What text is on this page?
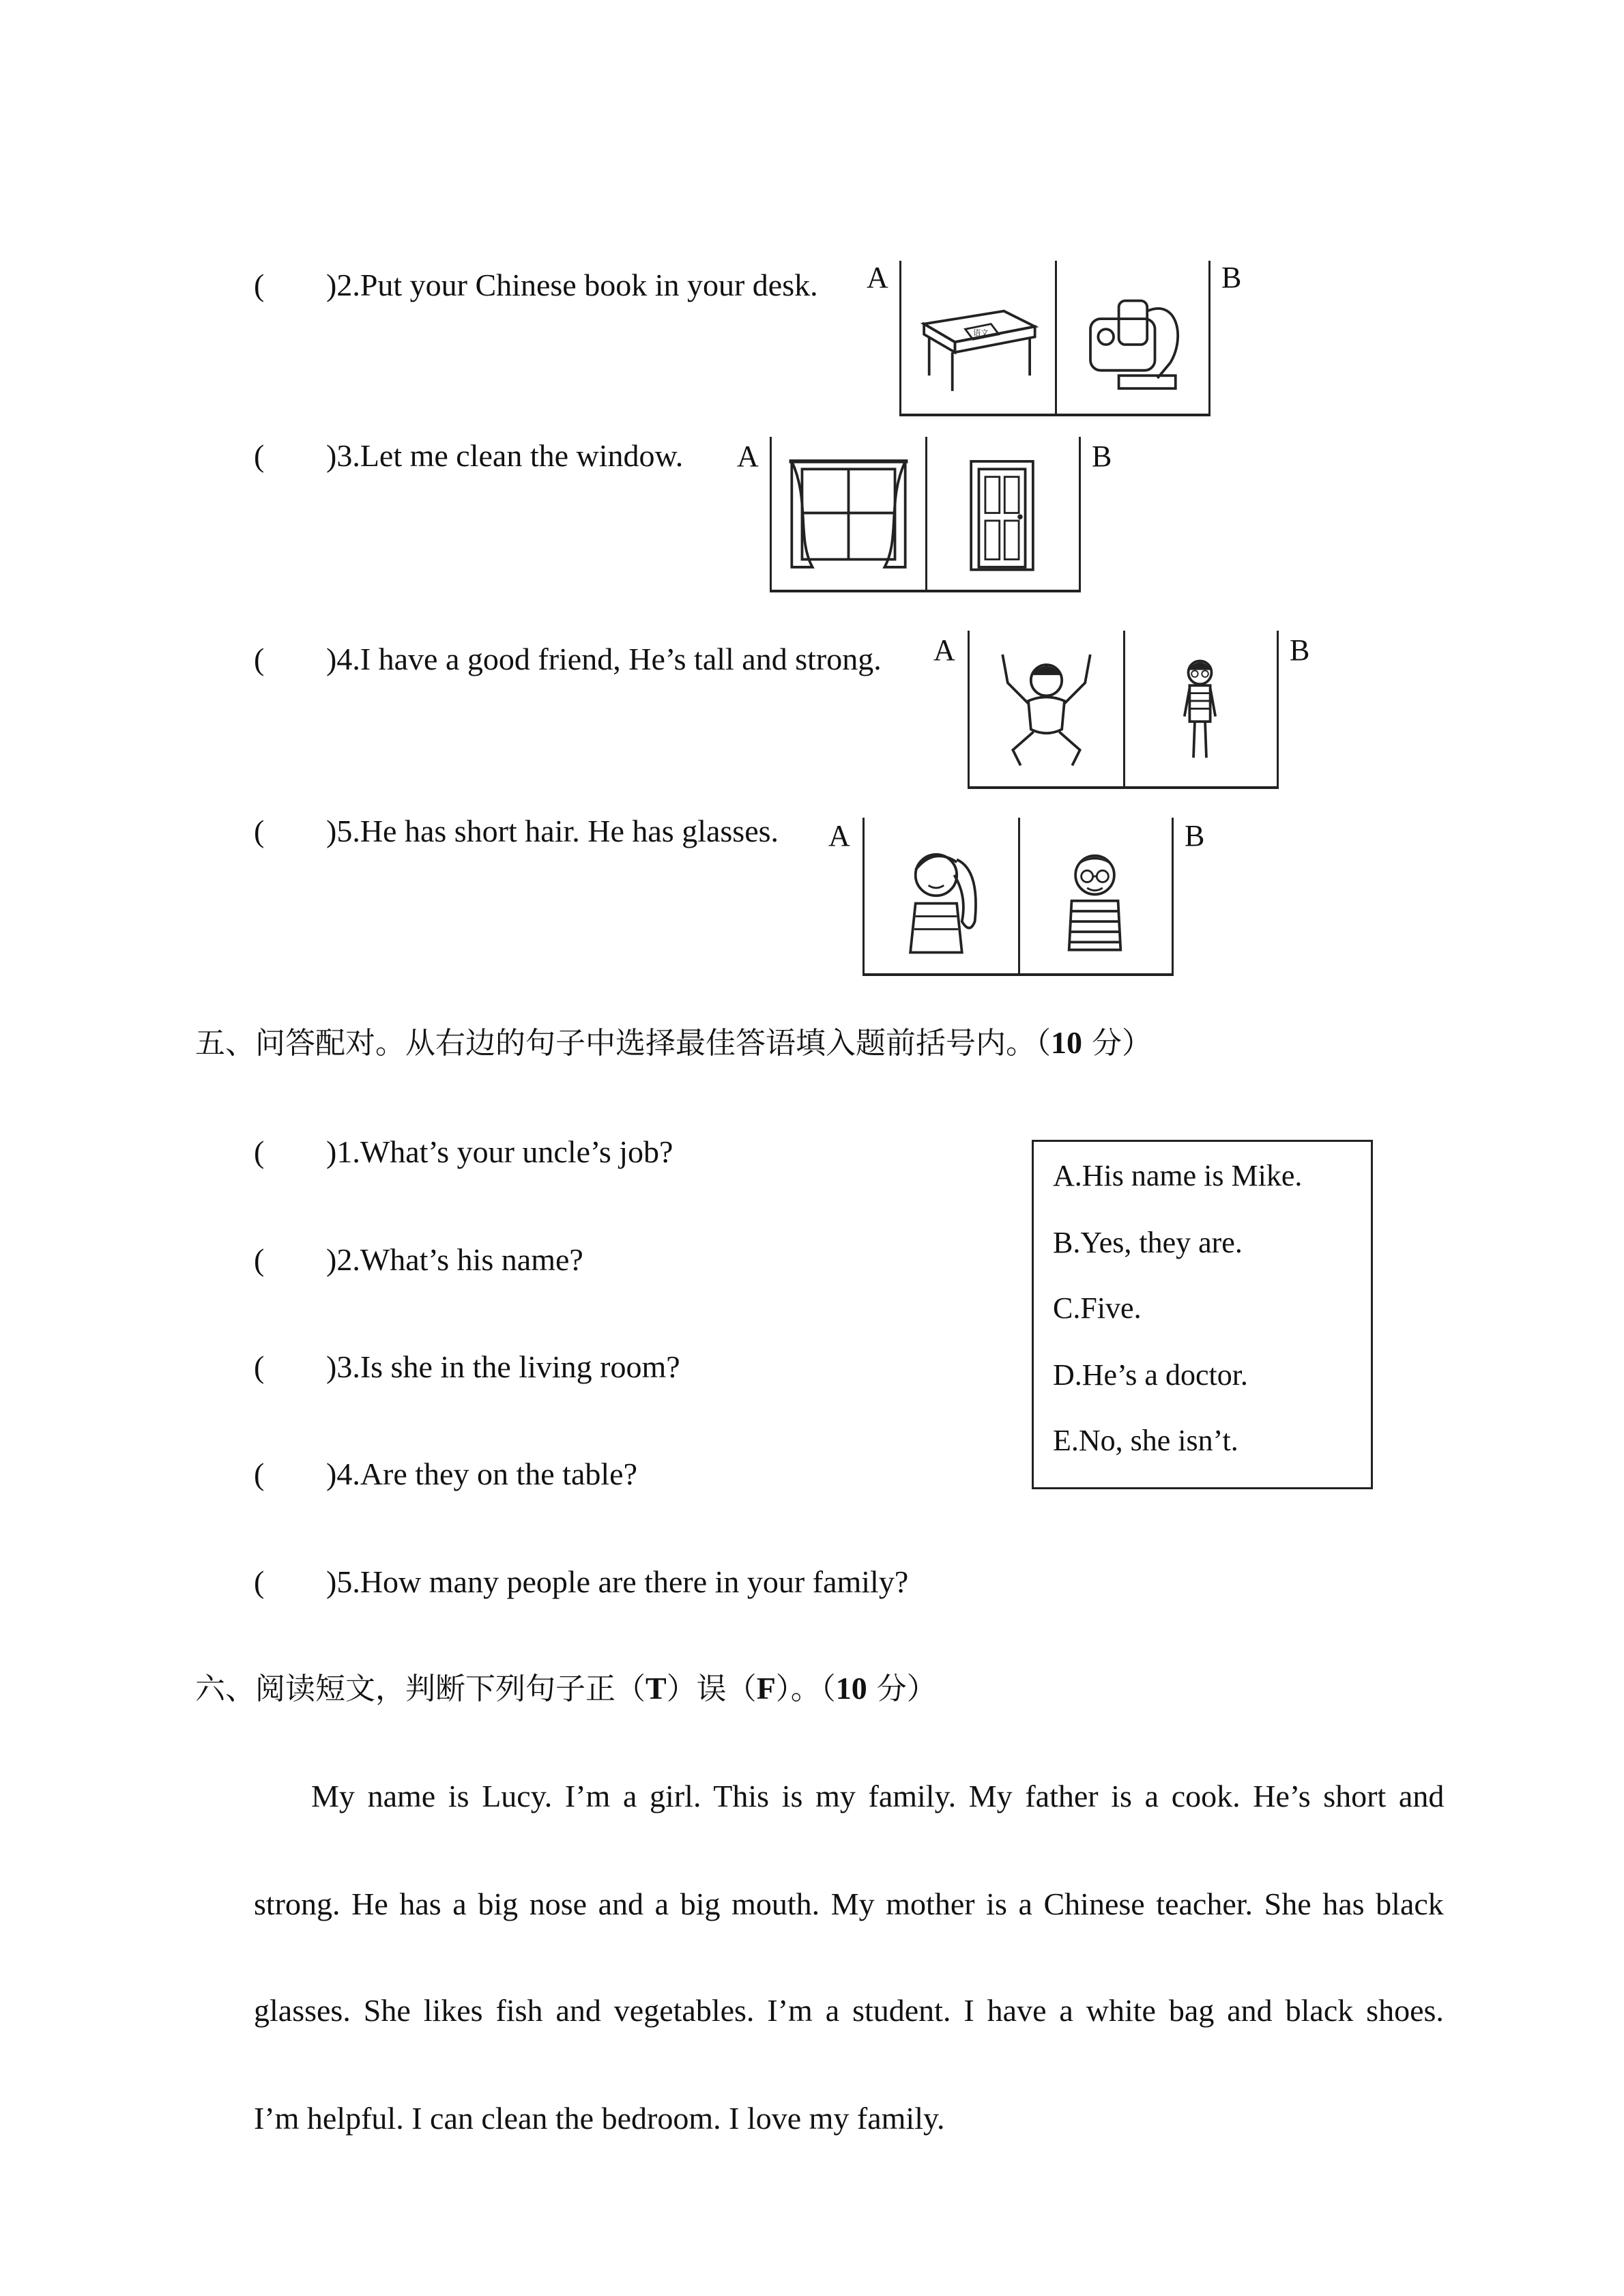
( )2.Put your Chinese book in your desk. A
语文
B
( )3.Let me clean the window. A	B
( )4.I have a good friend, He’s tall and strong. A	B
( )5.He has short hair. He has glasses. A	B
五、问答配对。从右边的句子中选择最佳答语填入题前括号内。（10 分）
( )1.What’s your uncle’s job?
( )2.What’s his name?
( )3.Is she in the living room?
( )4.Are they on the table?
( )5.How many people are there in your family?
A.His name is Mike.
B.Yes, they are.
C.Five.
D.He’s a doctor.
E.No, she isn’t.
六、阅读短文，判断下列句子正（T）误（F）。（10 分）
My name is Lucy. I’m a girl. This is my family. My father is a cook. He’s short and
strong. He has a big nose and a big mouth. My mother is a Chinese teacher. She has black
glasses. She likes fish and vegetables. I’m a student. I have a white bag and black shoes.
I’m helpful. I can clean the bedroom. I love my family.
